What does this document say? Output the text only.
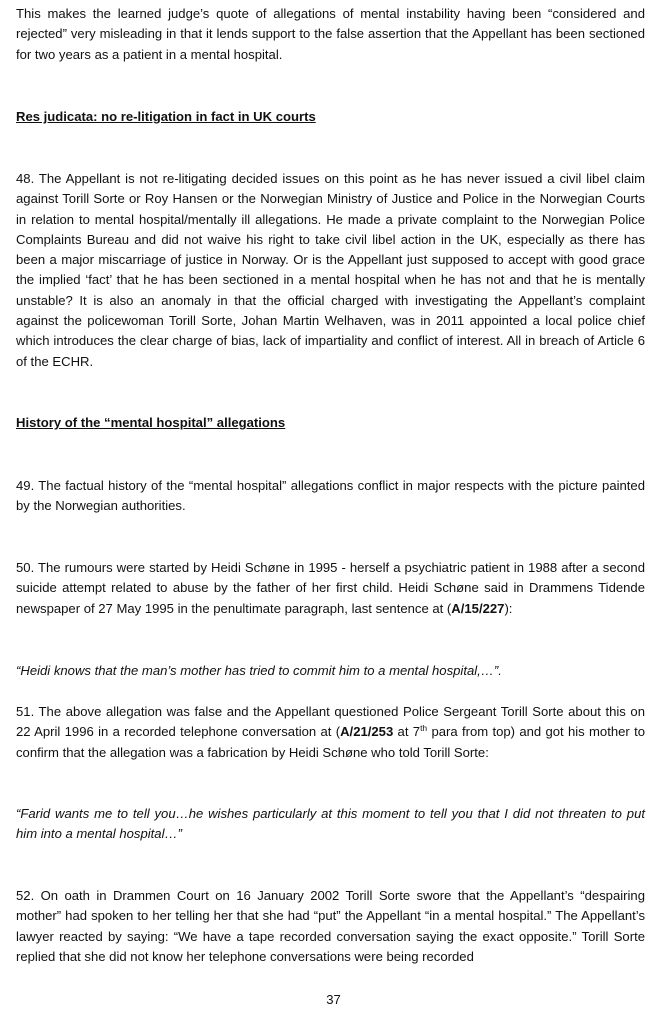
This makes the learned judge’s quote of allegations of mental instability having been “considered and rejected” very misleading in that it lends support to the false assertion that the Appellant has been sectioned for two years as a patient in a mental hospital.

Res judicata: no re-litigation in fact in UK courts

48. The Appellant is not re-litigating decided issues on this point as he has never issued a civil libel claim against Torill Sorte or Roy Hansen or the Norwegian Ministry of Justice and Police in the Norwegian Courts in relation to mental hospital/mentally ill allegations. He made a private complaint to the Norwegian Police Complaints Bureau and did not waive his right to take civil libel action in the UK, especially as there has been a major miscarriage of justice in Norway. Or is the Appellant just supposed to accept with good grace the implied ‘fact’ that he has been sectioned in a mental hospital when he has not and that he is mentally unstable? It is also an anomaly in that the official charged with investigating the Appellant’s complaint against the policewoman Torill Sorte, Johan Martin Welhaven, was in 2011 appointed a local police chief which introduces the clear charge of bias, lack of impartiality and conflict of interest. All in breach of Article 6 of the ECHR.

History of the “mental hospital” allegations

49. The factual history of the “mental hospital” allegations conflict in major respects with the picture painted by the Norwegian authorities.

50. The rumours were started by Heidi Schøne in 1995 - herself a psychiatric patient in 1988 after a second suicide attempt related to abuse by the father of her first child. Heidi Schøne said in Drammens Tidende newspaper of 27 May 1995 in the penultimate paragraph, last sentence at (A/15/227):

“Heidi knows that the man’s mother has tried to commit him to a mental hospital,…”.

51. The above allegation was false and the Appellant questioned Police Sergeant Torill Sorte about this on 22 April 1996 in a recorded telephone conversation at (A/21/253 at 7th para from top) and got his mother to confirm that the allegation was a fabrication by Heidi Schøne who told Torill Sorte:

“Farid wants me to tell you…he wishes particularly at this moment to tell you that I did not threaten to put him into a mental hospital…”

52. On oath in Drammen Court on 16 January 2002 Torill Sorte swore that the Appellant’s “despairing mother” had spoken to her telling her that she had “put” the Appellant “in a mental hospital.” The Appellant’s lawyer reacted by saying: “We have a tape recorded conversation saying the exact opposite.” Torill Sorte replied that she did not know her telephone conversations were being recorded

37
